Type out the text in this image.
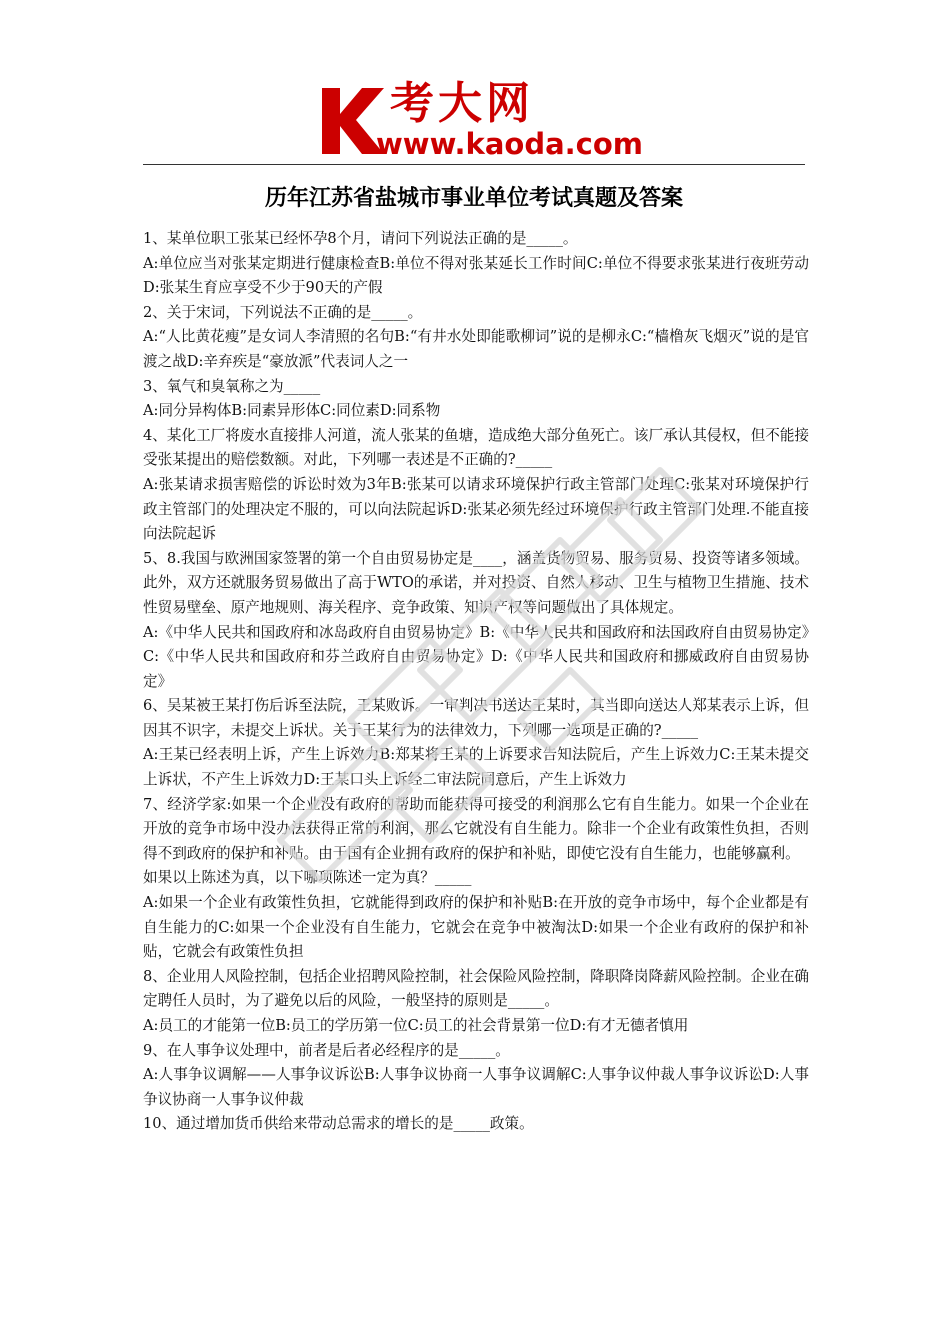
考大网
www.kaoda.com
历年江苏省盐城市事业单位考试真题及答案

1、某单位职工张某已经怀孕8个月，请问下列说法正确的是_____。

A:单位应当对张某定期进行健康检查B:单位不得对张某延长工作时间C:单位不得要求张某进行夜班劳动D:张某生育应享受不少于90天的产假

2、关于宋词，下列说法不正确的是_____。

A:“人比黄花瘦”是女词人李清照的名句B:“有井水处即能歌柳词”说的是柳永C:“樯橹灰飞烟灭”说的是官渡之战D:辛弃疾是“豪放派”代表词人之一

3、氧气和臭氧称之为_____

A:同分异构体B:同素异形体C:同位素D:同系物

4、某化工厂将废水直接排人河道，流人张某的鱼塘，造成绝大部分鱼死亡。该厂承认其侵权，但不能接受张某提出的赔偿数额。对此，下列哪一表述是不正确的?_____

A:张某请求损害赔偿的诉讼时效为3年B:张某可以请求环境保护行政主管部门处理C:张某对环境保护行政主管部门的处理决定不服的，可以向法院起诉D:张某必须先经过环境保护行政主管部门处理.不能直接向法院起诉

5、8.我国与欧洲国家签署的第一个自由贸易协定是____，涵盖货物贸易、服务贸易、投资等诸多领域。此外，双方还就服务贸易做出了高于WTO的承诺，并对投资、自然人移动、卫生与植物卫生措施、技术性贸易壁垒、原产地规则、海关程序、竞争政策、知识产权等问题做出了具体规定。

A:《中华人民共和国政府和冰岛政府自由贸易协定》B:《中华人民共和国政府和法国政府自由贸易协定》C:《中华人民共和国政府和芬兰政府自由贸易协定》D:《中华人民共和国政府和挪威政府自由贸易协定》

6、吴某被王某打伤后诉至法院，王某败诉。一审判决书送达王某时，其当即向送达人郑某表示上诉，但因其不识字，未提交上诉状。关于王某行为的法律效力，下列哪一选项是正确的?_____

A:王某已经表明上诉，产生上诉效力B:郑某将王某的上诉要求告知法院后，产生上诉效力C:王某未提交上诉状，不产生上诉效力D:王某口头上诉经二审法院同意后，产生上诉效力

7、经济学家:如果一个企业没有政府的帮助而能获得可接受的利润那么它有自生能力。如果一个企业在开放的竞争市场中没办法获得正常的利润，那么它就没有自生能力。除非一个企业有政策性负担，否则得不到政府的保护和补贴。由于国有企业拥有政府的保护和补贴，即使它没有自生能力，也能够赢利。

如果以上陈述为真，以下哪项陈述一定为真？_____

A:如果一个企业有政策性负担，它就能得到政府的保护和补贴B:在开放的竞争市场中，每个企业都是有自生能力的C:如果一个企业没有自生能力，它就会在竞争中被淘汰D:如果一个企业有政府的保护和补贴，它就会有政策性负担

8、企业用人风险控制，包括企业招聘风险控制，社会保险风险控制，降职降岗降薪风险控制。企业在确定聘任人员时，为了避免以后的风险，一般坚持的原则是_____。

A:员工的才能第一位B:员工的学历第一位C:员工的社会背景第一位D:有才无德者慎用

9、在人事争议处理中，前者是后者必经程序的是_____。

A:人事争议调解——人事争议诉讼B:人事争议协商一人事争议调解C:人事争议仲裁人事争议诉讼D:人事争议协商一人事争议仲裁

10、通过增加货币供给来带动总需求的增长的是_____政策。
